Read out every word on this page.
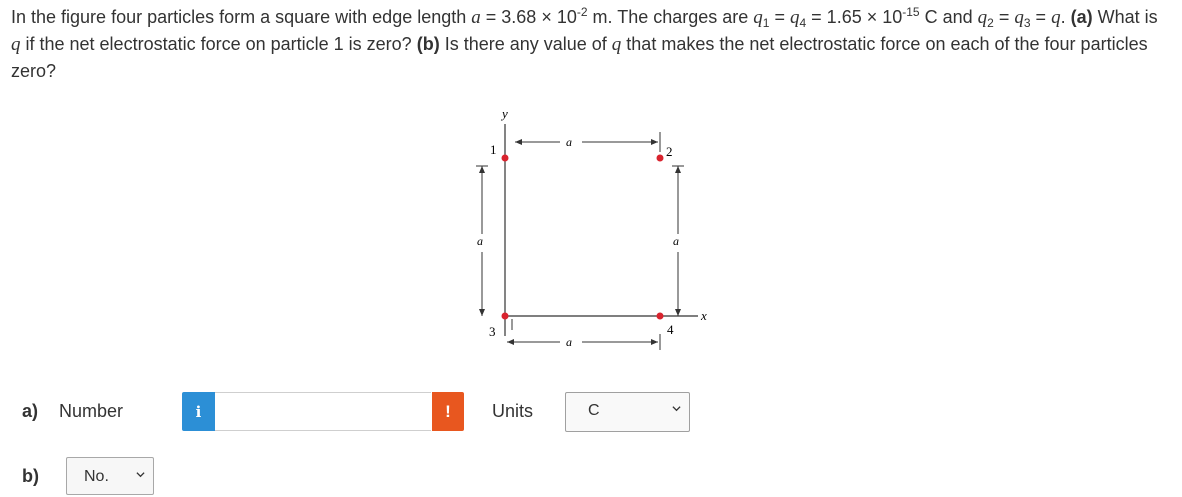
In the figure four particles form a square with edge length $a = 3.68 \times 10^{-2}$ m. The charges are $q_1 = q_4 = 1.65 \times 10^{-15}$ C and $q_2 = q_3 = q$. (a) What is q if the net electrostatic force on particle 1 is zero? (b) Is there any value of q that makes the net electrostatic force on each of the four particles zero?
y
x
a
a
a	a
1	2
3	4
a) Number	i	!	Units	C
b)	No.
